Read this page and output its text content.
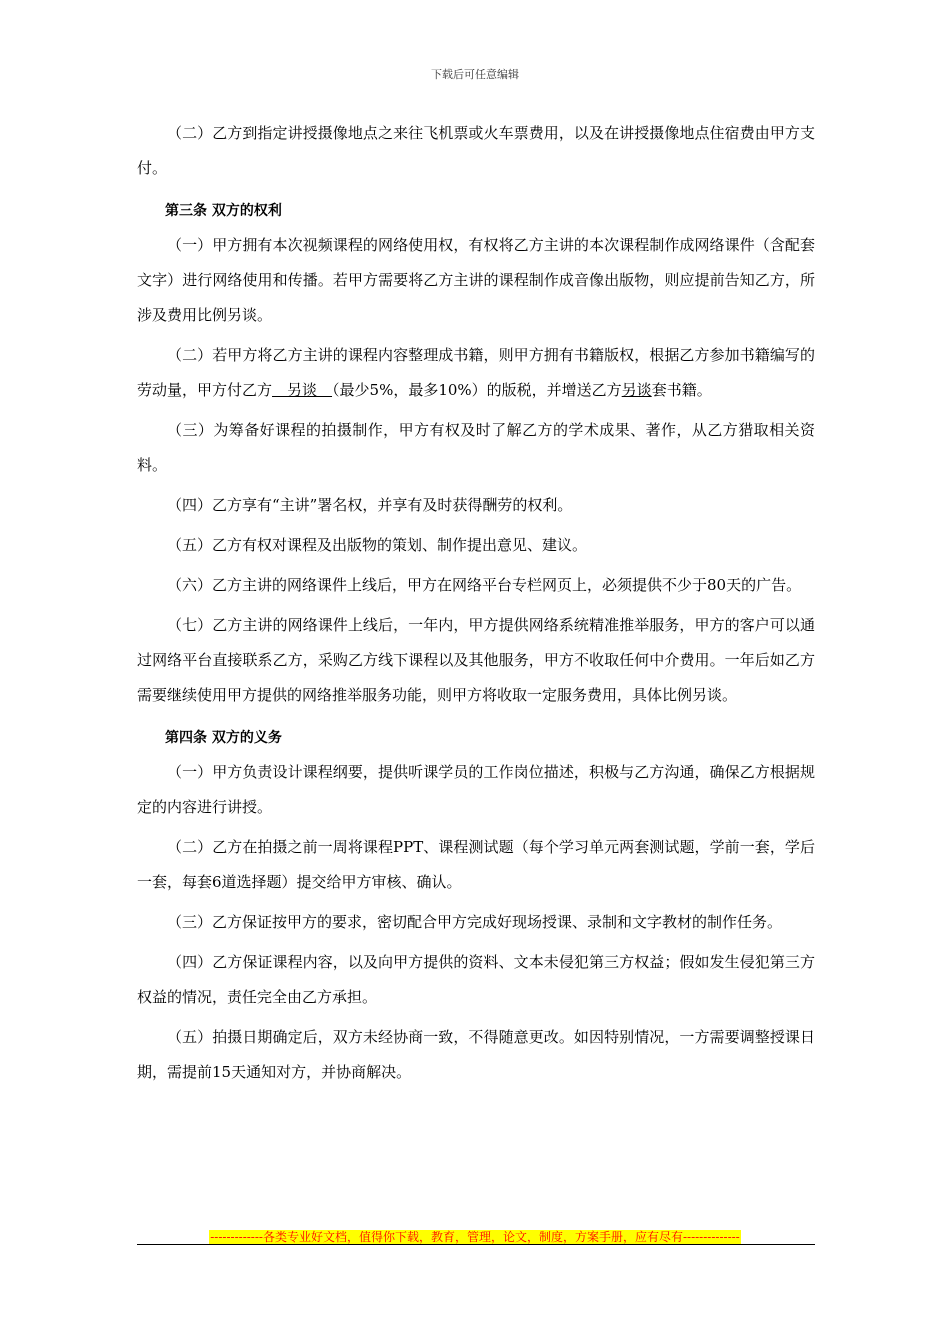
下载后可任意编辑

（二）乙方到指定讲授摄像地点之来往飞机票或火车票费用，以及在讲授摄像地点住宿费由甲方支付。

第三条 双方的权利

（一）甲方拥有本次视频课程的网络使用权，有权将乙方主讲的本次课程制作成网络课件（含配套文字）进行网络使用和传播。若甲方需要将乙方主讲的课程制作成音像出版物，则应提前告知乙方，所涉及费用比例另谈。

（二）若甲方将乙方主讲的课程内容整理成书籍，则甲方拥有书籍版权，根据乙方参加书籍编写的劳动量，甲方付乙方　另谈　（最少5%，最多10%）的版税，并增送乙方另谈套书籍。

（三）为筹备好课程的拍摄制作，甲方有权及时了解乙方的学术成果、著作，从乙方猎取相关资料。

（四）乙方享有“主讲”署名权，并享有及时获得酬劳的权利。

（五）乙方有权对课程及出版物的策划、制作提出意见、建议。

（六）乙方主讲的网络课件上线后，甲方在网络平台专栏网页上，必须提供不少于80天的广告。

（七）乙方主讲的网络课件上线后，一年内，甲方提供网络系统精准推举服务，甲方的客户可以通过网络平台直接联系乙方，采购乙方线下课程以及其他服务，甲方不收取任何中介费用。一年后如乙方需要继续使用甲方提供的网络推举服务功能，则甲方将收取一定服务费用，具体比例另谈。

第四条 双方的义务

（一）甲方负责设计课程纲要，提供听课学员的工作岗位描述，积极与乙方沟通，确保乙方根据规定的内容进行讲授。

（二）乙方在拍摄之前一周将课程PPT、课程测试题（每个学习单元两套测试题，学前一套，学后一套，每套6道选择题）提交给甲方审核、确认。

（三）乙方保证按甲方的要求，密切配合甲方完成好现场授课、录制和文字教材的制作任务。

（四）乙方保证课程内容，以及向甲方提供的资料、文本未侵犯第三方权益；假如发生侵犯第三方权益的情况，责任完全由乙方承担。

（五）拍摄日期确定后，双方未经协商一致，不得随意更改。如因特别情况，一方需要调整授课日期，需提前15天通知对方，并协商解决。

-------------各类专业好文档，值得你下载，教育，管理，论文，制度，方案手册，应有尽有--------------
